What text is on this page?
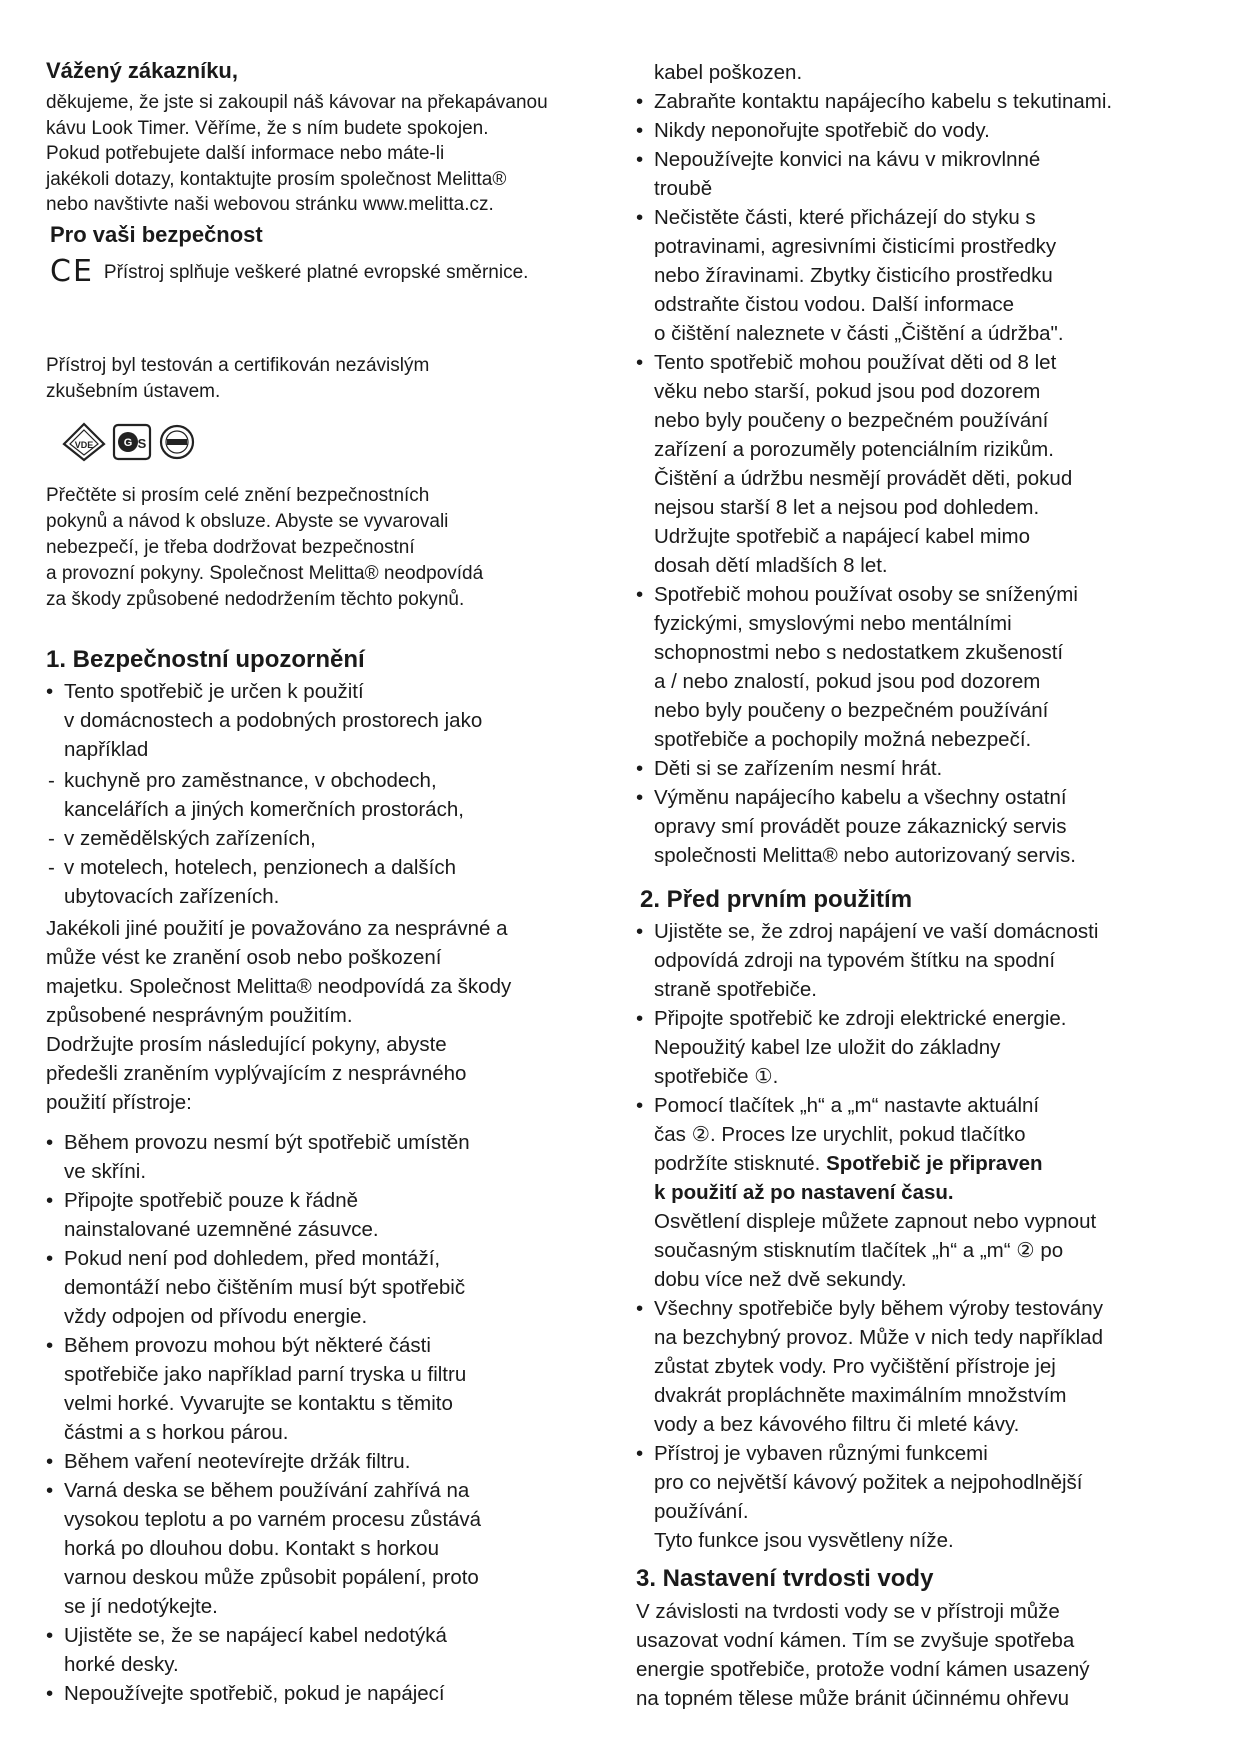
Vážený zákazníku,

děkujeme, že jste si zakoupil náš kávovar na překapávanou
kávu Look Timer. Věříme, že s ním budete spokojen.
Pokud potřebujete další informace nebo máte-li
jakékoli dotazy, kontaktujte prosím společnost Melitta®
nebo navštivte naši webovou stránku www.melitta.cz.

Pro vaši bezpečnost
CE Přístroj splňuje veškeré platné evropské směrnice.

Přístroj byl testován a certifikován nezávislým
zkušebním ústavem.

VDE	G S

Přečtěte si prosím celé znění bezpečnostních
pokynů a návod k obsluze. Abyste se vyvarovali
nebezpečí, je třeba dodržovat bezpečnostní
a provozní pokyny. Společnost Melitta® neodpovídá
za škody způsobené nedodržením těchto pokynů.

1. Bezpečnostní upozornění
• Tento spotřebič je určen k použití
v domácnostech a podobných prostorech jako
například
- kuchyně pro zaměstnance, v obchodech,
kancelářích a jiných komerčních prostorách,
- v zemědělských zařízeních,
- v motelech, hotelech, penzionech a dalších
ubytovacích zařízeních.

Jakékoli jiné použití je považováno za nesprávné a
může vést ke zranění osob nebo poškození
majetku. Společnost Melitta® neodpovídá za škody
způsobené nesprávným použitím.
Dodržujte prosím následující pokyny, abyste
předešli zraněním vyplývajícím z nesprávného
použití přístroje:

• Během provozu nesmí být spotřebič umístěn
ve skříni.
• Připojte spotřebič pouze k řádně
nainstalované uzemněné zásuvce.
• Pokud není pod dohledem, před montáží,
demontáží nebo čištěním musí být spotřebič
vždy odpojen od přívodu energie.
• Během provozu mohou být některé části
spotřebiče jako například parní tryska u filtru
velmi horké. Vyvarujte se kontaktu s těmito
částmi a s horkou párou.
• Během vaření neotevírejte držák filtru.
• Varná deska se během používání zahřívá na
vysokou teplotu a po varném procesu zůstává
horká po dlouhou dobu. Kontakt s horkou
varnou deskou může způsobit popálení, proto
se jí nedotýkejte.
• Ujistěte se, že se napájecí kabel nedotýká
horké desky.
• Nepoužívejte spotřebič, pokud je napájecí

kabel poškozen.

• Zabraňte kontaktu napájecího kabelu s tekutinami.
• Nikdy neponořujte spotřebič do vody.
• Nepoužívejte konvici na kávu v mikrovlnné
troubě
• Nečistěte části, které přicházejí do styku s
potravinami, agresivními čisticími prostředky
nebo žíravinami. Zbytky čisticího prostředku
odstraňte čistou vodou. Další informace
o čištění naleznete v části „Čištění a údržba".
• Tento spotřebič mohou používat děti od 8 let
věku nebo starší, pokud jsou pod dozorem
nebo byly poučeny o bezpečném používání
zařízení a porozuměly potenciálním rizikům.
Čištění a údržbu nesmějí provádět děti, pokud
nejsou starší 8 let a nejsou pod dohledem.
Udržujte spotřebič a napájecí kabel mimo
dosah dětí mladších 8 let.
• Spotřebič mohou používat osoby se sníženými
fyzickými, smyslovými nebo mentálními
schopnostmi nebo s nedostatkem zkušeností
a / nebo znalostí, pokud jsou pod dozorem
nebo byly poučeny o bezpečném používání
spotřebiče a pochopily možná nebezpečí.
• Děti si se zařízením nesmí hrát.
• Výměnu napájecího kabelu a všechny ostatní
opravy smí provádět pouze zákaznický servis
společnosti Melitta® nebo autorizovaný servis.
2. Před prvním použitím
• Ujistěte se, že zdroj napájení ve vaší domácnosti
odpovídá zdroji na typovém štítku na spodní
straně spotřebiče.
• Připojte spotřebič ke zdroji elektrické energie.
Nepoužitý kabel lze uložit do základny
spotřebiče ①.
• Pomocí tlačítek „h“ a „m“ nastavte aktuální
čas ②. Proces lze urychlit, pokud tlačítko
podržíte stisknuté. Spotřebič je připraven
k použití až po nastavení času.
Osvětlení displeje můžete zapnout nebo vypnout
současným stisknutím tlačítek „h“ a „m“ ② po
dobu více než dvě sekundy.
• Všechny spotřebiče byly během výroby testovány
na bezchybný provoz. Může v nich tedy například
zůstat zbytek vody. Pro vyčištění přístroje jej
dvakrát propláchněte maximálním množstvím
vody a bez kávového filtru či mleté kávy.
• Přístroj je vybaven různými funkcemi
pro co největší kávový požitek a nejpohodlnější
používání.
Tyto funkce jsou vysvětleny níže.
3. Nastavení tvrdosti vody

V závislosti na tvrdosti vody se v přístroji může
usazovat vodní kámen. Tím se zvyšuje spotřeba
energie spotřebiče, protože vodní kámen usazený
na topném tělese může bránit účinnému ohřevu
